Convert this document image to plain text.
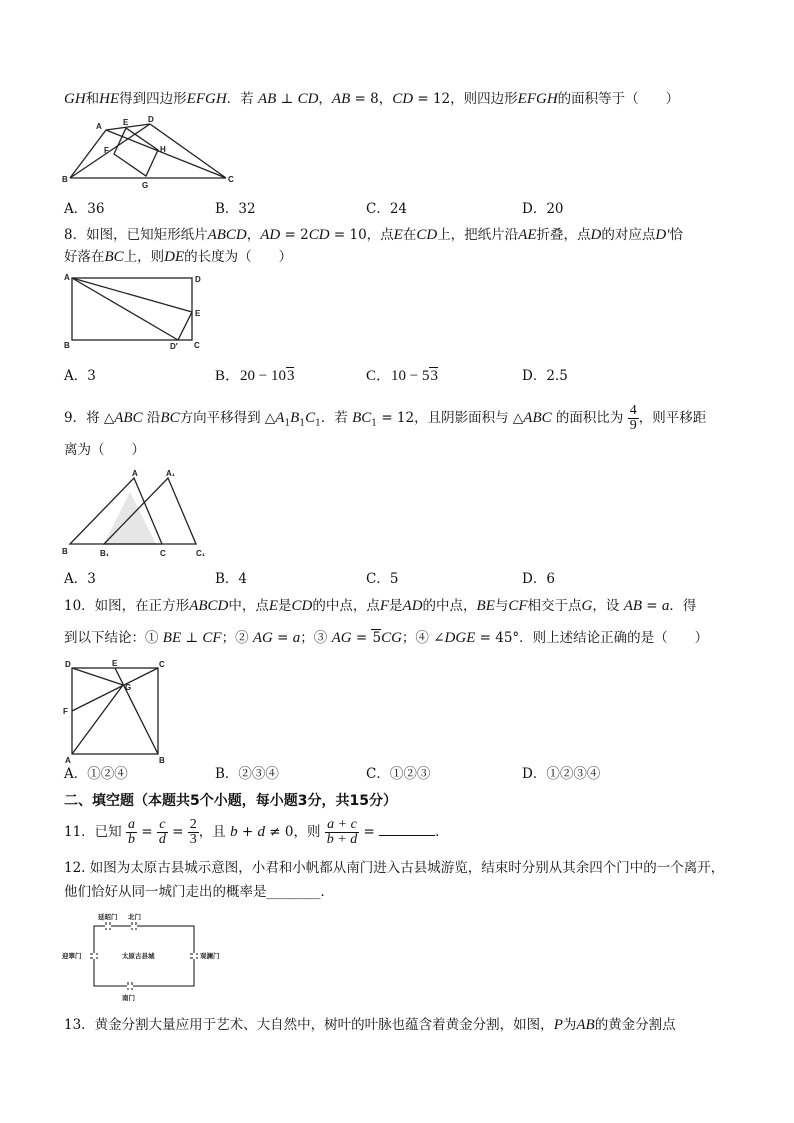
GH和HE得到四边形EFGH．若 AB ⊥ CD，AB = 8，CD = 12，则四边形EFGH的面积等于（　　）
A	E D
F	H
B
G
C
A．36	B．32	C．24	D．20
8．如图，已知矩形纸片ABCD，AD = 2CD = 10，点E在CD上，把纸片沿AE折叠，点D的对应点D′恰
好落在BC上，则DE的长度为（　　）
A	D
E
B	D′ C
A．3	B．20 − 103	C．10 − 53	D．2.5
9．将 △ABC 沿BC方向平移得到 $\triangle A_1B_1C_1$．若 $BC_1 = 12$，且阴影面积与 △ABC 的面积比为 $\frac{4}{9}$ ，则平移距
离为（　　）
A	A₁
B	B₁	C	C₁
A．3	B．4	C．5	D．6
10．如图，在正方形ABCD中，点E是CD的中点，点F是AD的中点，BE与CF相交于点G，设 AB = a．得
到以下结论：① BE ⊥ CF；② AG = a；③ AG = 5CG；④ ∠DGE = 45°．则上述结论正确的是（　　）
D	E	C
G
F
A	B
A．①②④	B．②③④	C．①②③	D．①②③④
二、填空题（本题共5个小题，每小题3分，共15分）
11．已知 $\frac{a}{b} = \frac{c}{d} = \frac{2}{3}$ ，且 b + d ≠ 0，则 $\frac{a + c}{b + d}$ =	．
12. 如图为太原古县城示意图，小君和小帆都从南门进入古县城游览，结束时分别从其余四个门中的一个离开，
他们恰好从同一城门走出的概率是________．
延昭门 北门
迎翠门	太原古县城	观澜门
南门
13．黄金分割大量应用于艺术、大自然中，树叶的叶脉也蕴含着黄金分割，如图，P为AB的黄金分割点
